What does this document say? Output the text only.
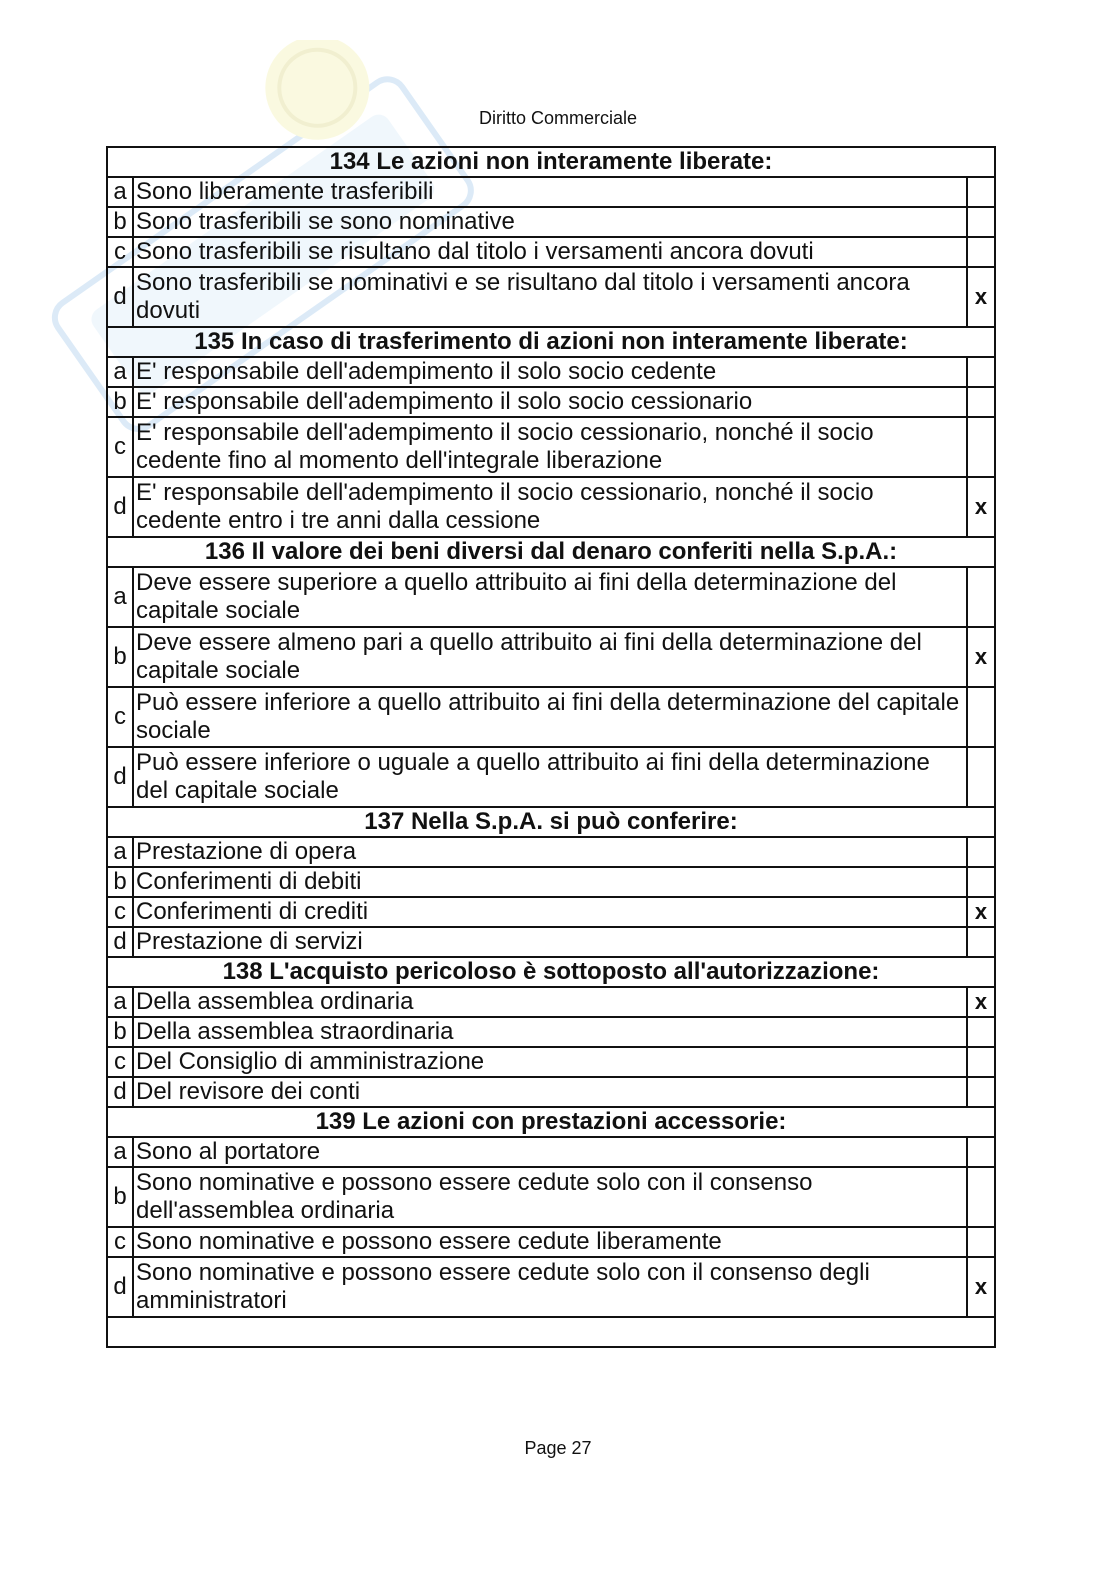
Diritto Commerciale
134 Le azioni non interamente liberate:		
a	Sono liberamente trasferibili	
b	Sono trasferibili se sono nominative	
c	Sono trasferibili se risultano dal titolo i versamenti ancora dovuti	
d	Sono trasferibili se nominativi e se risultano dal titolo i versamenti ancora dovuti	x
135 In caso di trasferimento di azioni non interamente liberate:		
a	E' responsabile dell'adempimento il solo socio cedente	
b	E' responsabile dell'adempimento il solo socio cessionario	
c	E' responsabile dell'adempimento il socio cessionario, nonché il socio cedente fino al momento dell'integrale liberazione	
d	E' responsabile dell'adempimento il socio cessionario, nonché il socio cedente entro i tre anni dalla cessione	x
136 Il valore dei beni diversi dal denaro conferiti nella S.p.A.:		
a	Deve essere superiore a quello attribuito ai fini della determinazione del capitale sociale	
b	Deve essere almeno pari a quello attribuito ai fini della determinazione del capitale sociale	x
c	Può essere inferiore a quello attribuito ai fini della determinazione del capitale sociale	
d	Può essere inferiore o uguale a quello attribuito ai fini della determinazione del capitale sociale	
137 Nella S.p.A. si può conferire:		
a	Prestazione di opera	
b	Conferimenti di debiti	
c	Conferimenti di crediti	x
d	Prestazione di servizi	
138 L'acquisto pericoloso è sottoposto all'autorizzazione:		
a	Della assemblea ordinaria	x
b	Della assemblea straordinaria	
c	Del Consiglio di amministrazione	
d	Del revisore dei conti	
139 Le azioni con prestazioni accessorie:		
a	Sono al portatore	
b	Sono nominative e possono essere cedute solo con il consenso dell'assemblea ordinaria	
c	Sono nominative e possono essere cedute liberamente	
d	Sono nominative e possono essere cedute solo con il consenso degli amministratori	x

Page 27
